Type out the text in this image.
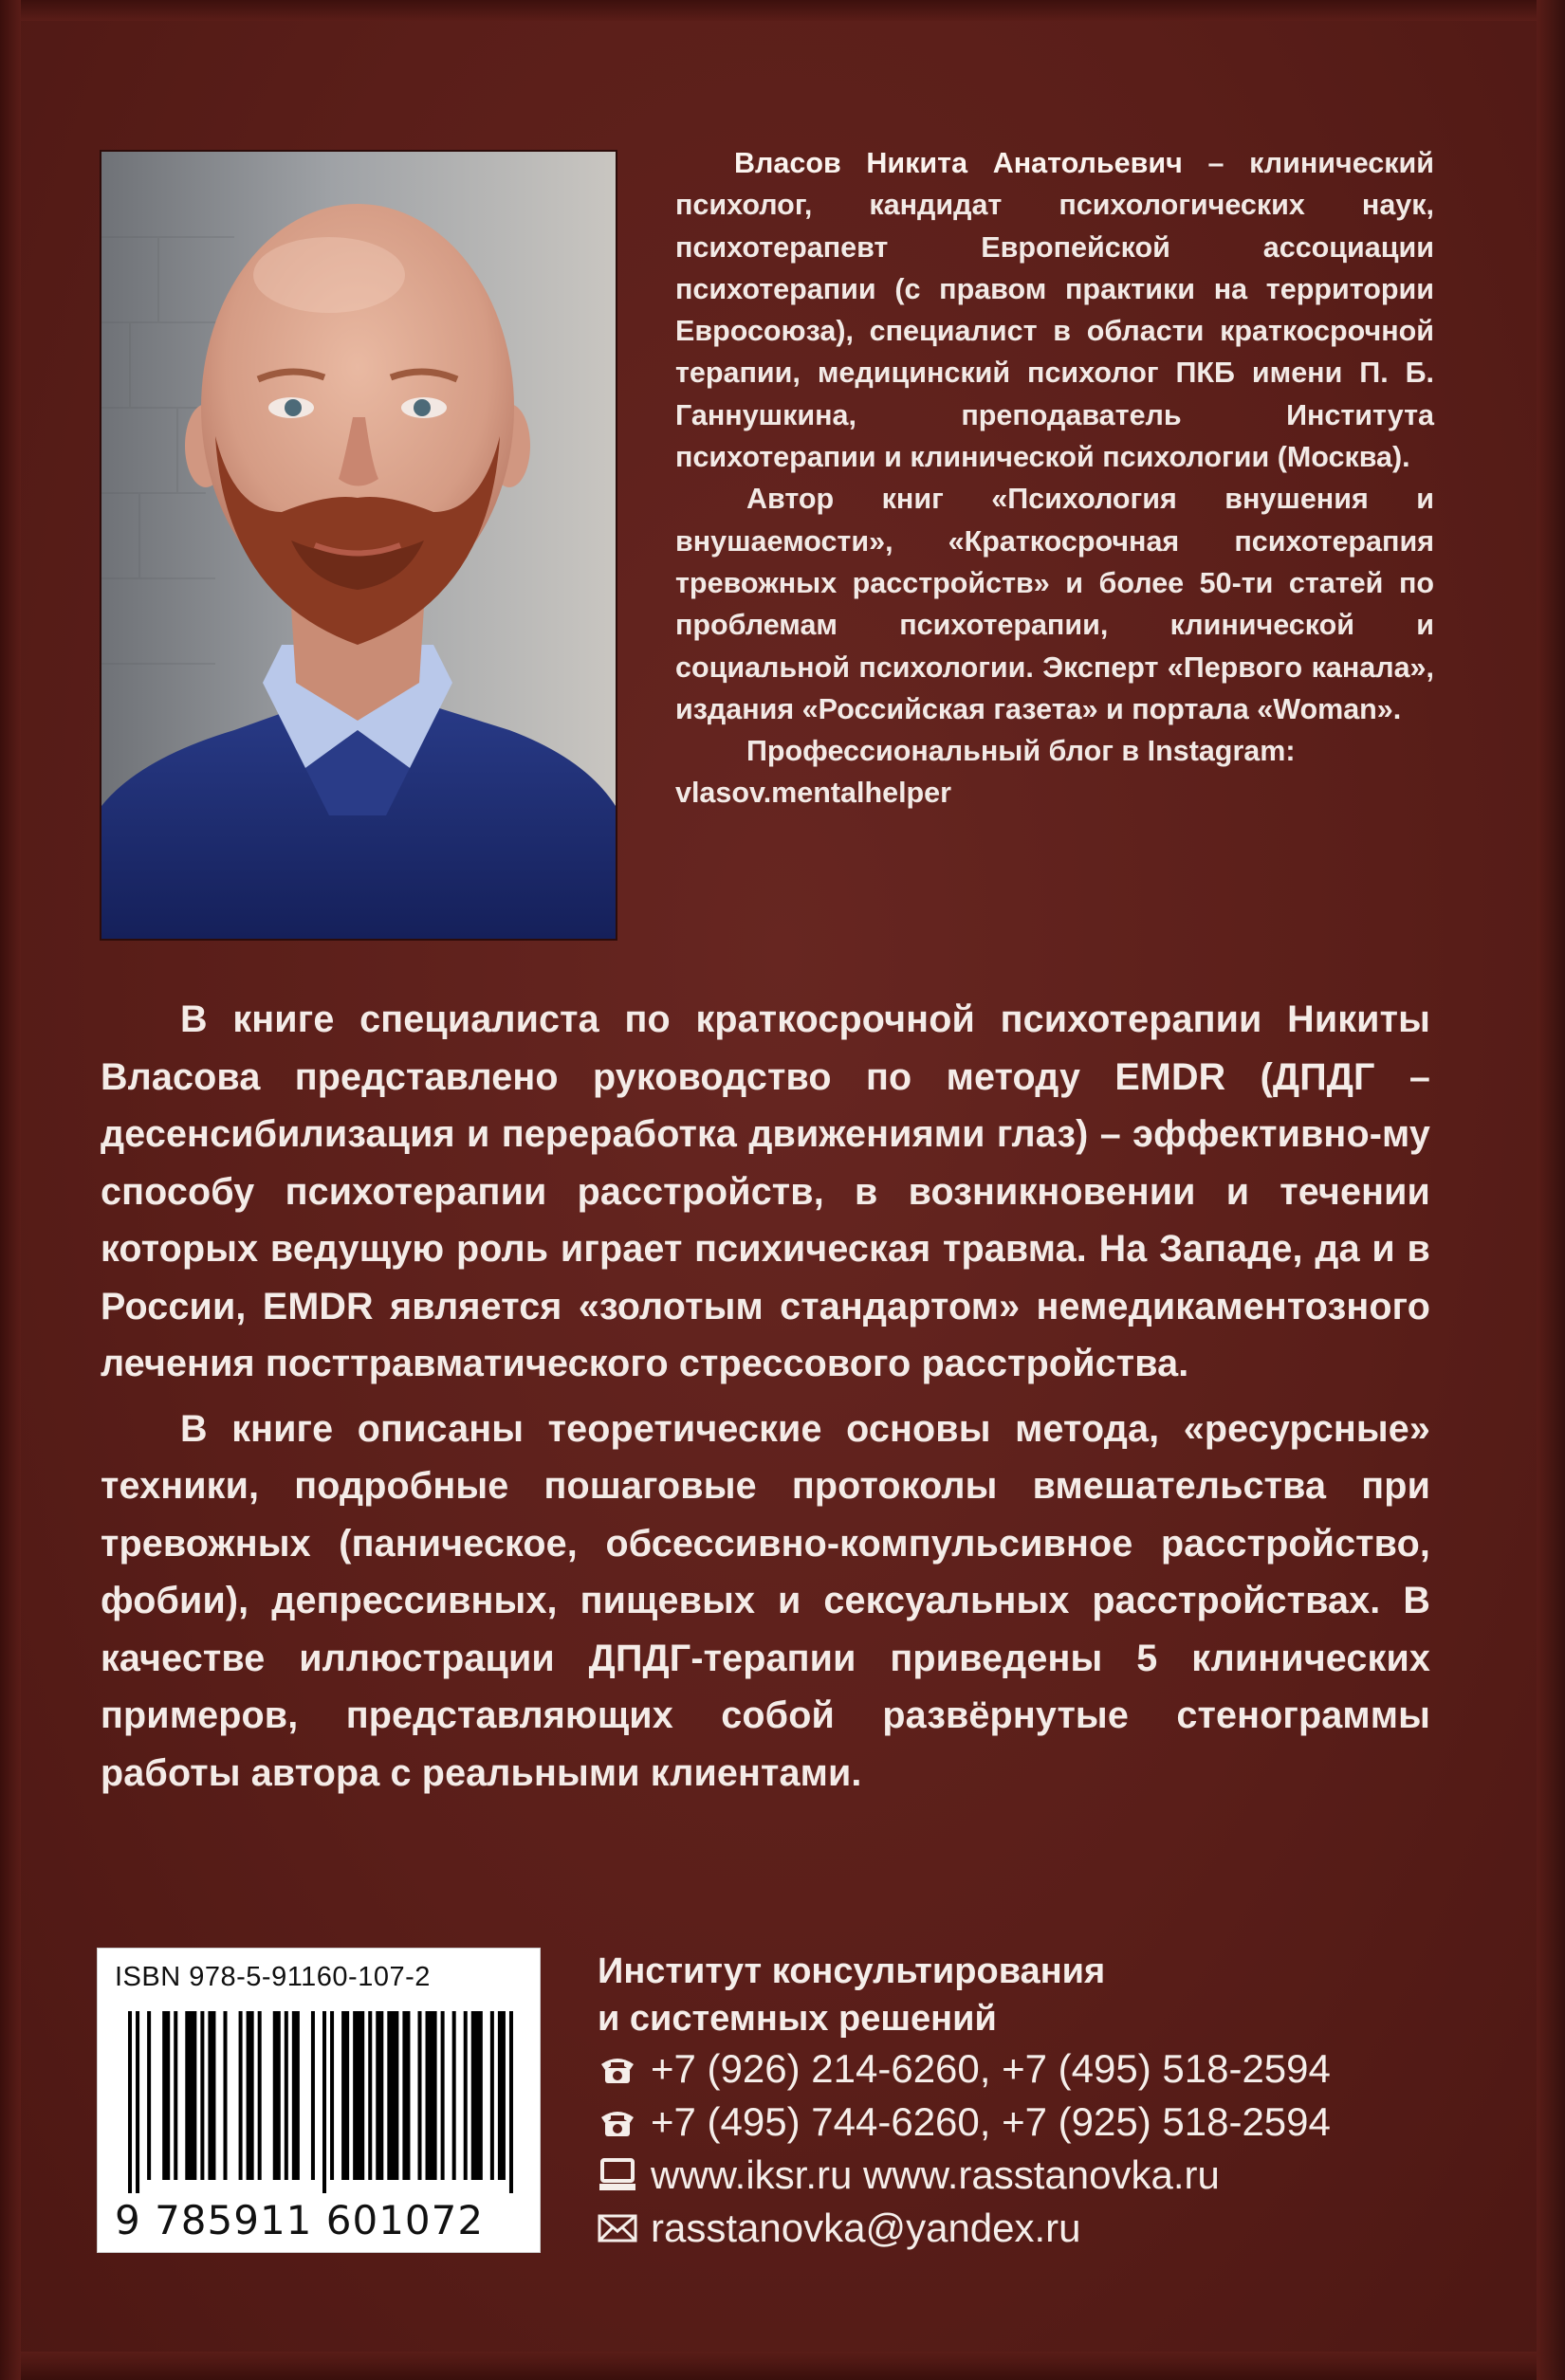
Власов Никита Анатольевич – клинический психолог, кандидат психологических наук, психотерапевт Европейской ассоциации психотерапии (с правом практики на территории Евросоюза), специалист в области краткосрочной терапии, медицинский психолог ПКБ имени П. Б. Ганнушкина, преподаватель Института психотерапии и клинической психологии (Москва).

Автор книг «Психология внушения и внушаемости», «Краткосрочная психотерапия тревожных расстройств» и более 50-ти статей по проблемам психотерапии, клинической и социальной психологии. Эксперт «Первого канала», издания «Российская газета» и портала «Woman».

Профессиональный блог в Instagram:

vlasov.mentalhelper

В книге специалиста по краткосрочной психотерапии Никиты Власова представлено руководство по методу EMDR (ДПДГ – десенсибилизация и переработка движениями глаз) – эффективно-му способу психотерапии расстройств, в возникновении и течении которых ведущую роль играет психическая травма. На Западе, да и в России, EMDR является «золотым стандартом» немедикаментозного лечения посттравматического стрессового расстройства.

В книге описаны теоретические основы метода, «ресурсные» техники, подробные пошаговые протоколы вмешательства при тревожных (паническое, обсессивно-компульсивное расстройство, фобии), депрессивных, пищевых и сексуальных расстройствах. В качестве иллюстрации ДПДГ-терапии приведены 5 клинических примеров, представляющих собой развёрнутые стенограммы работы автора с реальными клиентами.

ISBN 978-5-91160-107-2
9 785911 601072
Институт консультирования
и системных решений
+7 (926) 214-6260, +7 (495) 518-2594
+7 (495) 744-6260, +7 (925) 518-2594
www.iksr.ru www.rasstanovka.ru
rasstanovka@yandex.ru
